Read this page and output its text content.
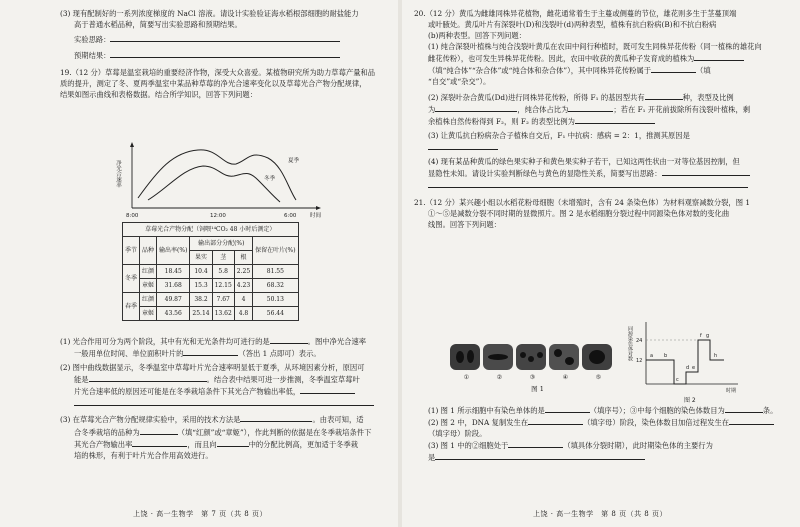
(3) 现有配制好的一系列浓度梯度的 NaCl 溶液。请设计实验验证海水稻根部细胞的耐盐能力

高于普通水稻品种，简要写出实验思路和预期结果。

实验思路：

预期结果：

19.（12 分）草莓是温室栽培的重要经济作物，深受大众喜爱。某植物研究所为助力草莓产量和品

质的提升，测定了冬、夏两季温室中某品种草莓的净光合速率变化以及草莓光合产物分配规律，

结果如图示曲线和表格数据。结合所学知识，回答下列问题：

净光合速率	夏季
冬季
8:00	12:00	6:00 时间
草莓光合产物分配（饲喂¹⁴CO₂ 48 小时后测定）						
季节	品种	输出率(%)	输出部分分配(%)			保留在叶片(%)
			果实	茎	根	
冬季	红颜	18.45	10.4	5.8	2.25	81.55
	章姬	31.68	15.3	12.15	4.23	68.32
春季	红颜	49.87	38.2	7.67	4	50.13
	章姬	43.56	25.14	13.62	4.8	56.44

(1) 光合作用可分为两个阶段，其中有光和无光条件均可进行的是	。图中净光合速率

一般用单位时间、单位面积叶片的	（答出 1 点即可）表示。

(2) 图中曲线数据显示，冬季温室中草莓叶片光合速率明显低于夏季，从环境因素分析，原因可

能是	。结合表中结果可进一步推测，冬季温室草莓叶

片光合速率低的原因还可能是在冬季栽培条件下其光合产物输出率低，

(3) 在草莓光合产物分配规律实验中，采用的技术方法是	。由表可知，适

合冬季栽培的品种为	（填“红颜”或“章姬”），作此判断的依据是在冬季栽培条件下

其光合产物输出率	，而且向	中的分配比例高，更加适于冬季栽

培的株形，有利于叶片光合作用高效进行。

上饶 · 高一生物学　第 7 页（共 8 页）

20.（12 分）黄瓜为雌雄同株异花植物，雌花通常着生于主蔓或侧蔓的节位，雄花则多生于茎蔓顶端

或叶腋处。黄瓜叶片有深裂叶(D)和浅裂叶(d)两种表型，植株有抗白粉病(B)和不抗白粉病

(b)两种表型。回答下列问题：

(1) 纯合深裂叶植株与纯合浅裂叶黄瓜在农田中间行种植时，既可发生同株异花传粉（同一植株的雄花向

雌花传粉），也可发生异株异花传粉。因此，农田中收获的黄瓜种子发育成的植株为

（填“纯合体”“杂合体”或“纯合体和杂合体”），其中同株异花传粉属于	（填

“自交”或“杂交”）。

(2) 深裂叶杂合黄瓜(Dd)进行同株异花传粉，所得 F₁ 的基因型共有	种，表型及比例

为	，纯合体占比为	；若在 F₁ 开花前拔除所有浅裂叶植株，剩

余植株自然传粉得到 F₂，则 F₂ 的表型比例为

(3) 让黄瓜抗白粉病杂合子植株自交后，F₁ 中抗病：感病 = 2：1，推测其原因是

(4) 现有某品种黄瓜的绿色果实种子和黄色果实种子若干，已知这两性状由一对等位基因控制，但

显隐性未知。请设计实验判断绿色与黄色的显隐性关系，简要写出思路：

21.（12 分）某兴趣小组以水稻花粉母细胞（未增殖时，含有 24 条染色体）为材料观察减数分裂，图 1

①～⑤是减数分裂不同时期的显微照片。图 2 是水稻细胞分裂过程中同源染色体对数的变化曲

线图。回答下列问题：

①	②	③	④	⑤
图 1
同源染色体对数 24
12
a b
c
d e
f g
h
时期
图 2

(1) 图 1 所示细胞中有染色单体的是	（填序号）；③中每个细胞的染色体数目为	条。

(2) 图 2 中，DNA 复制发生在	（填字母）阶段，染色体数目加倍过程发生在

（填字母）阶段。

(3) 图 1 中的②细胞处于	（填具体分裂时期），此时期染色体的主要行为

是

上饶 · 高一生物学　第 8 页（共 8 页）
